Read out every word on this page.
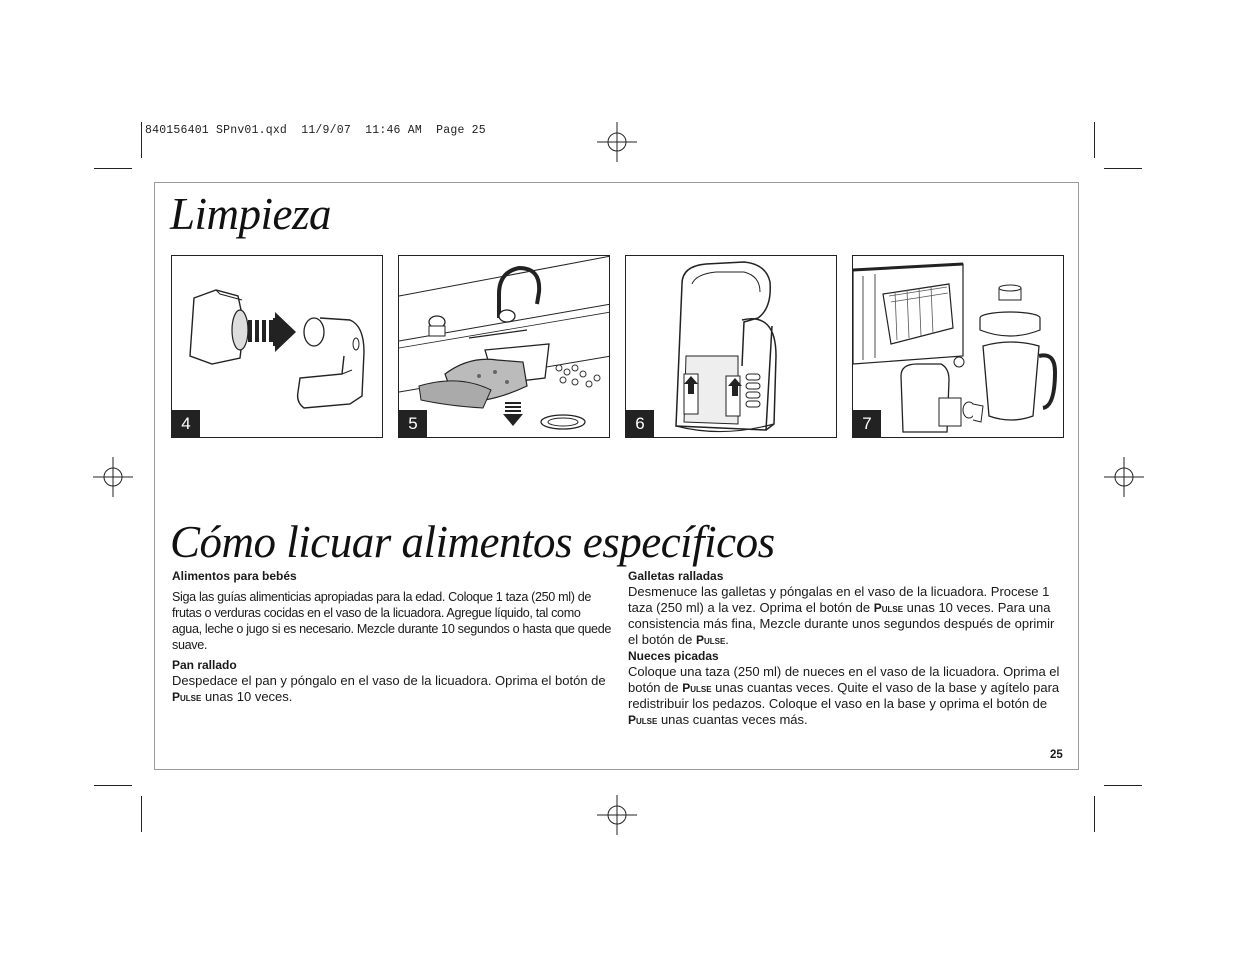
840156401 SPnv01.qxd  11/9/07  11:46 AM  Page 25
Limpieza
4	5	6	7
Cómo licuar alimentos específicos
Alimentos para bebés

Siga las guías alimenticias apropiadas para la edad. Coloque 1 taza (250 ml) de frutas o verduras cocidas en el vaso de la licuadora. Agregue líquido, tal como agua, leche o jugo si es necesario. Mezcle durante 10 segundos o hasta que quede suave.

Pan rallado

Despedace el pan y póngalo en el vaso de la licuadora. Oprima el botón de Pulse unas 10 veces.

Galletas ralladas

Desmenuce las galletas y póngalas en el vaso de la licuadora. Procese 1 taza (250 ml) a la vez. Oprima el botón de Pulse unas 10 veces. Para una consistencia más fina, Mezcle durante unos segundos después de oprimir el botón de Pulse.

Nueces picadas

Coloque una taza (250 ml) de nueces en el vaso de la licuadora. Oprima el botón de Pulse unas cuantas veces. Quite el vaso de la base y agítelo para redistribuir los pedazos. Coloque el vaso en la base y oprima el botón de Pulse unas cuantas veces más.

25
